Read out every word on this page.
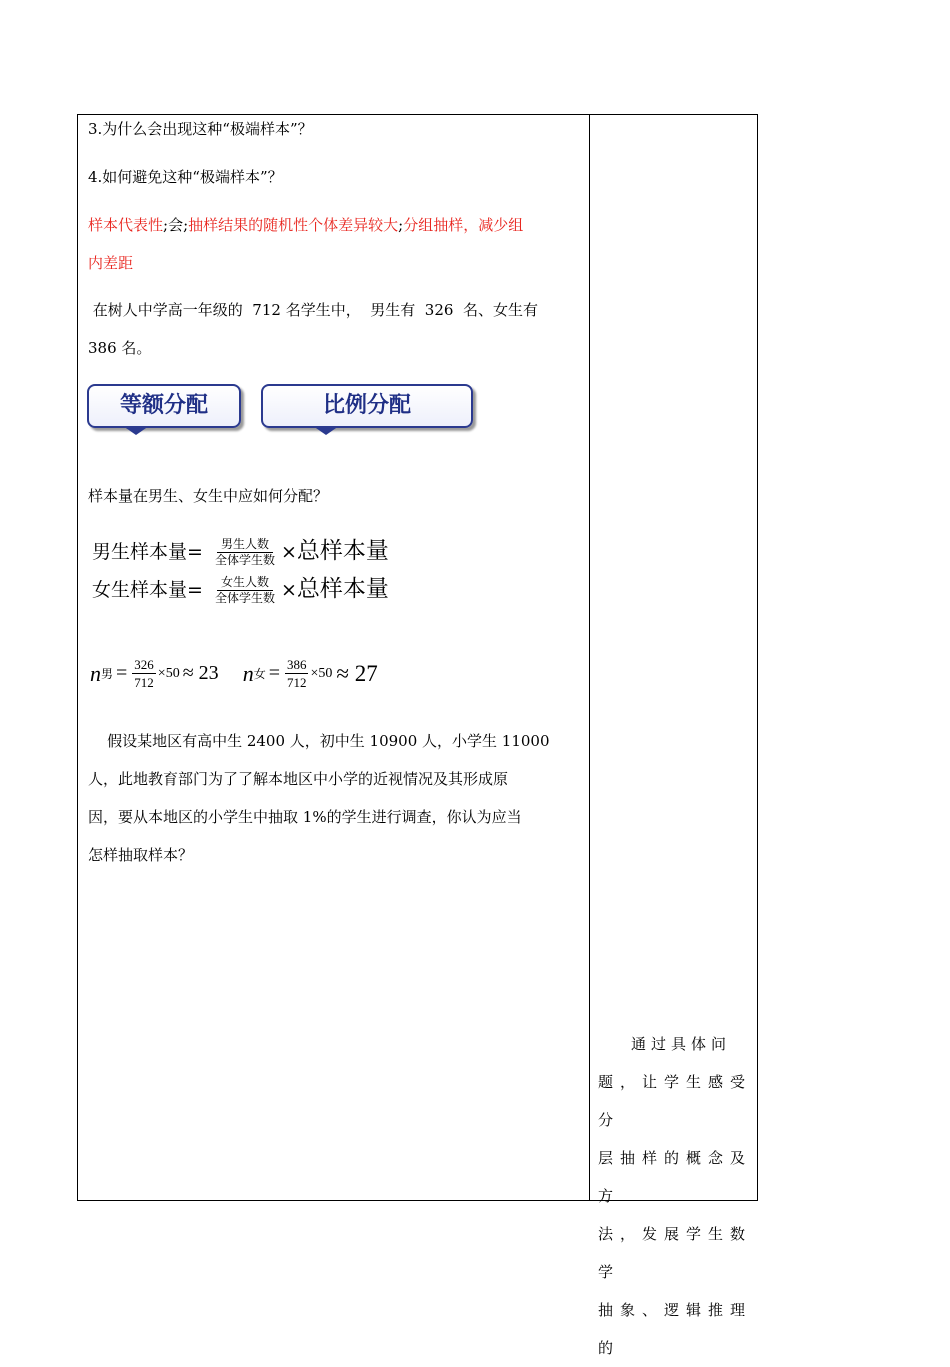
3.为什么会出现这种“极端样本”？
4.如何避免这种“极端样本”？
样本代表性;会;抽样结果的随机性个体差异较大;分组抽样，减少组
内差距
在树人中学高一年级的  712 名学生中，  男生有  326  名、女生有
386 名。
等额分配	比例分配
样本量在男生、女生中应如何分配？
男生样本量= $\frac{\text{男生人数}}{\text{全体学生数}}$ ×总样本量
女生样本量= $\frac{\text{女生人数}}{\text{全体学生数}}$ ×总样本量
n 男 = $\frac{326}{712} \times 50 \approx 23$ n 女 = $\frac{386}{712} \times 50 \approx 27$
假设某地区有高中生 2400 人，初中生 10900 人，小学生 11000
人，此地教育部门为了了解本地区中小学的近视情况及其形成原
因，要从本地区的小学生中抽取 1%的学生进行调查，你认为应当
怎样抽取样本？
通过具体问
题，让学生感受分
层抽样的概念及方
法，发展学生数学
抽象、逻辑推理的
